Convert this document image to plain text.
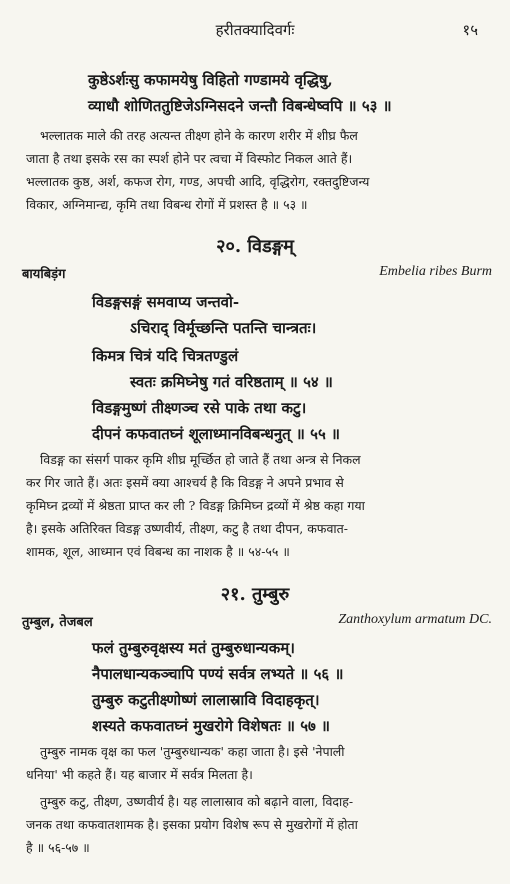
हरीतक्यादिवर्गः	१५
कुष्ठेऽर्शःसु कफामयेषु विहितो गण्डामये वृद्धिषु,
व्याधौ शोणिततुष्टिजेऽग्निसदने जन्तौ विबन्धेष्वपि ॥ ५३ ॥
भल्लातक माले की तरह अत्यन्त तीक्ष्ण होने के कारण शरीर में शीघ्र फैल
जाता है तथा इसके रस का स्पर्श होने पर त्वचा में विस्फोट निकल आते हैं।
भल्लातक कुष्ठ, अर्श, कफज रोग, गण्ड, अपची आदि, वृद्धिरोग, रक्तदुष्टिजन्य
विकार, अग्निमान्द्य, कृमि तथा विबन्ध रोगों में प्रशस्त है ॥ ५३ ॥
२०. विडङ्गम्
बायबिड़ंग	Embelia ribes Burm
विडङ्गसङ्गं समवाप्य जन्तवो-
ऽचिराद् विर्मूच्छन्ति पतन्ति चान्त्रतः।
किमत्र चित्रं यदि चित्रतण्डुलं
स्वतः क्रमिघ्नेषु गतं वरिष्ठताम् ॥ ५४ ॥
विडङ्गमुष्णं तीक्ष्णञ्च रसे पाके तथा कटु।
दीपनं कफवातघ्नं शूलाध्मानविबन्धनुत् ॥ ५५ ॥
विडङ्ग का संसर्ग पाकर कृमि शीघ्र मूर्च्छित हो जाते हैं तथा अन्त्र से निकल
कर गिर जाते हैं। अतः इसमें क्या आश्चर्य है कि विडङ्ग ने अपने प्रभाव से
कृमिघ्न द्रव्यों में श्रेष्ठता प्राप्त कर ली ? विडङ्ग क्रिमिघ्न द्रव्यों में श्रेष्ठ कहा गया
है। इसके अतिरिक्त विडङ्ग उष्णवीर्य, तीक्ष्ण, कटु है तथा दीपन, कफवात-
शामक, शूल, आध्मान एवं विबन्ध का नाशक है ॥ ५४-५५ ॥
२१. तुम्बुरु
तुम्बुल, तेजबल	Zanthoxylum armatum DC.
फलं तुम्बुरुवृक्षस्य मतं तुम्बुरुधान्यकम्।
नैपालधान्यकञ्चापि पण्यं सर्वत्र लभ्यते ॥ ५६ ॥
तुम्बुरु कटुतीक्ष्णोष्णं लालास्रावि विदाहकृत्।
शस्यते कफवातघ्नं मुखरोगे विशेषतः ॥ ५७ ॥
तुम्बुरु नामक वृक्ष का फल 'तुम्बुरुधान्यक' कहा जाता है। इसे 'नेपाली
धनिया' भी कहते हैं। यह बाजार में सर्वत्र मिलता है।
तुम्बुरु कटु, तीक्ष्ण, उष्णवीर्य है। यह लालास्राव को बढ़ाने वाला, विदाह-
जनक तथा कफवातशामक है। इसका प्रयोग विशेष रूप से मुखरोगों में होता
है ॥ ५६-५७ ॥
